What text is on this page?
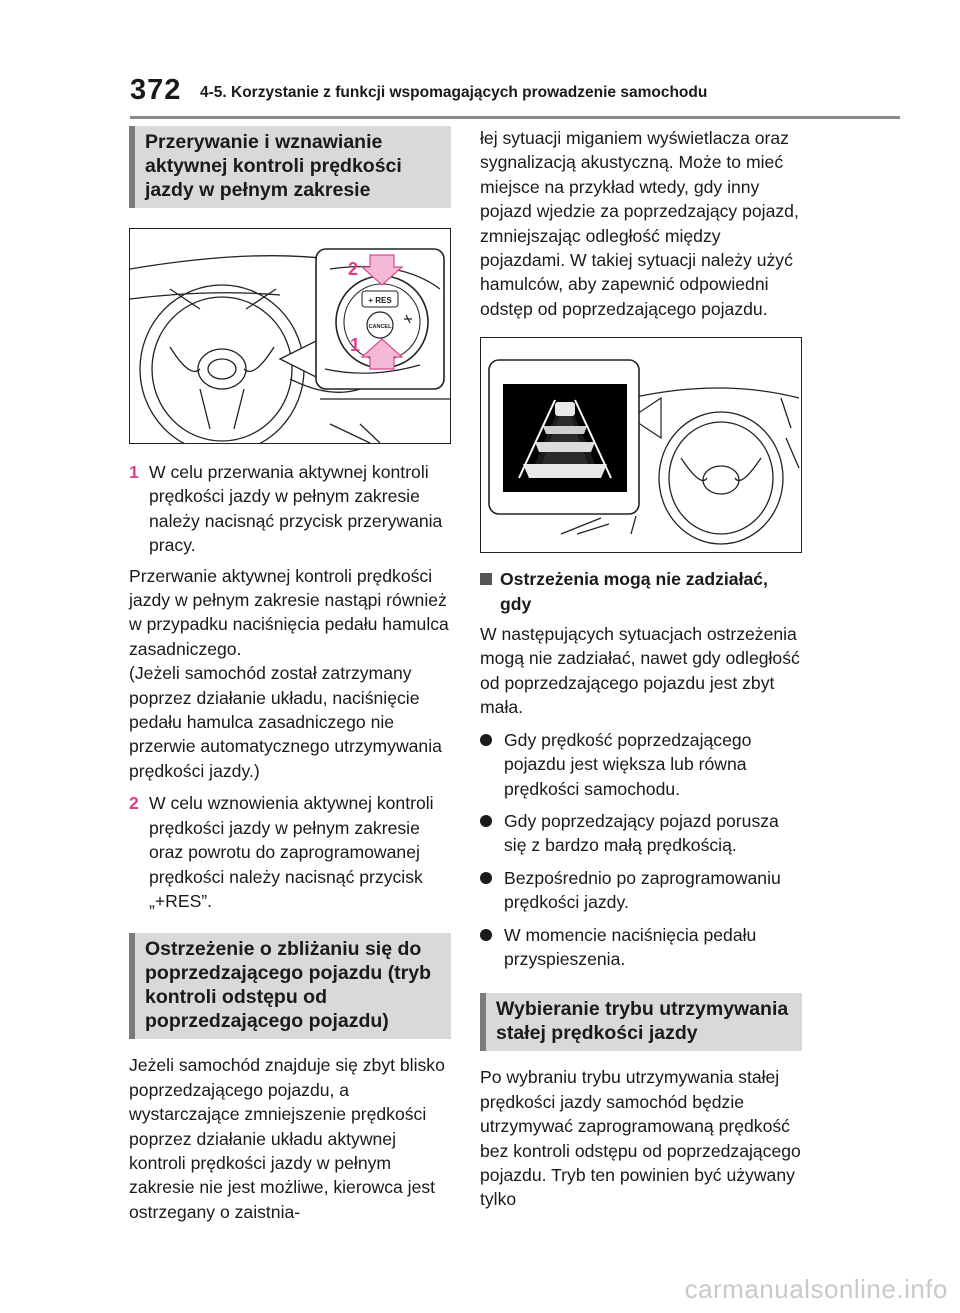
372 4-5. Korzystanie z funkcji wspomagających prowadzenie samochodu
Przerywanie i wznawianie aktywnej kontroli prędkości jazdy w pełnym zakresie
+ RES
CANCEL
2
1
1 W celu przerwania aktywnej kontroli prędkości jazdy w pełnym zakresie należy nacisnąć przycisk przerywania pracy.

Przerwanie aktywnej kontroli prędkości jazdy w pełnym zakresie nastąpi również w przypadku naciśnięcia pedału hamulca zasadniczego.

(Jeżeli samochód został zatrzymany poprzez działanie układu, naciśnięcie pedału hamulca zasadniczego nie przerwie automatycznego utrzymywania prędkości jazdy.)

2 W celu wznowienia aktywnej kontroli prędkości jazdy w pełnym zakresie oraz powrotu do zaprogramowanej prędkości należy nacisnąć przycisk „+RES”.
Ostrzeżenie o zbliżaniu się do poprzedzającego pojazdu (tryb kontroli odstępu od poprzedzającego pojazdu)

Jeżeli samochód znajduje się zbyt blisko poprzedzającego pojazdu, a wystarczające zmniejszenie prędkości poprzez działanie układu aktywnej kontroli prędkości jazdy w pełnym zakresie nie jest możliwe, kierowca jest ostrzegany o zaistnia-

łej sytuacji miganiem wyświetlacza oraz sygnalizacją akustyczną. Może to mieć miejsce na przykład wtedy, gdy inny pojazd wjedzie za poprzedzający pojazd, zmniejszając odległość między pojazdami. W takiej sytuacji należy użyć hamulców, aby zapewnić odpowiedni odstęp od poprzedzającego pojazdu.

Ostrzeżenia mogą nie zadziałać, gdy

W następujących sytuacjach ostrzeżenia mogą nie zadziałać, nawet gdy odległość od poprzedzającego pojazdu jest zbyt mała.

Gdy prędkość poprzedzającego pojazdu jest większa lub równa prędkości samochodu.
Gdy poprzedzający pojazd porusza się z bardzo małą prędkością.
Bezpośrednio po zaprogramowaniu prędkości jazdy.
W momencie naciśnięcia pedału przyspieszenia.
Wybieranie trybu utrzymywania stałej prędkości jazdy

Po wybraniu trybu utrzymywania stałej prędkości jazdy samochód będzie utrzymywać zaprogramowaną prędkość bez kontroli odstępu od poprzedzającego pojazdu. Tryb ten powinien być używany tylko

carmanualsonline.info
